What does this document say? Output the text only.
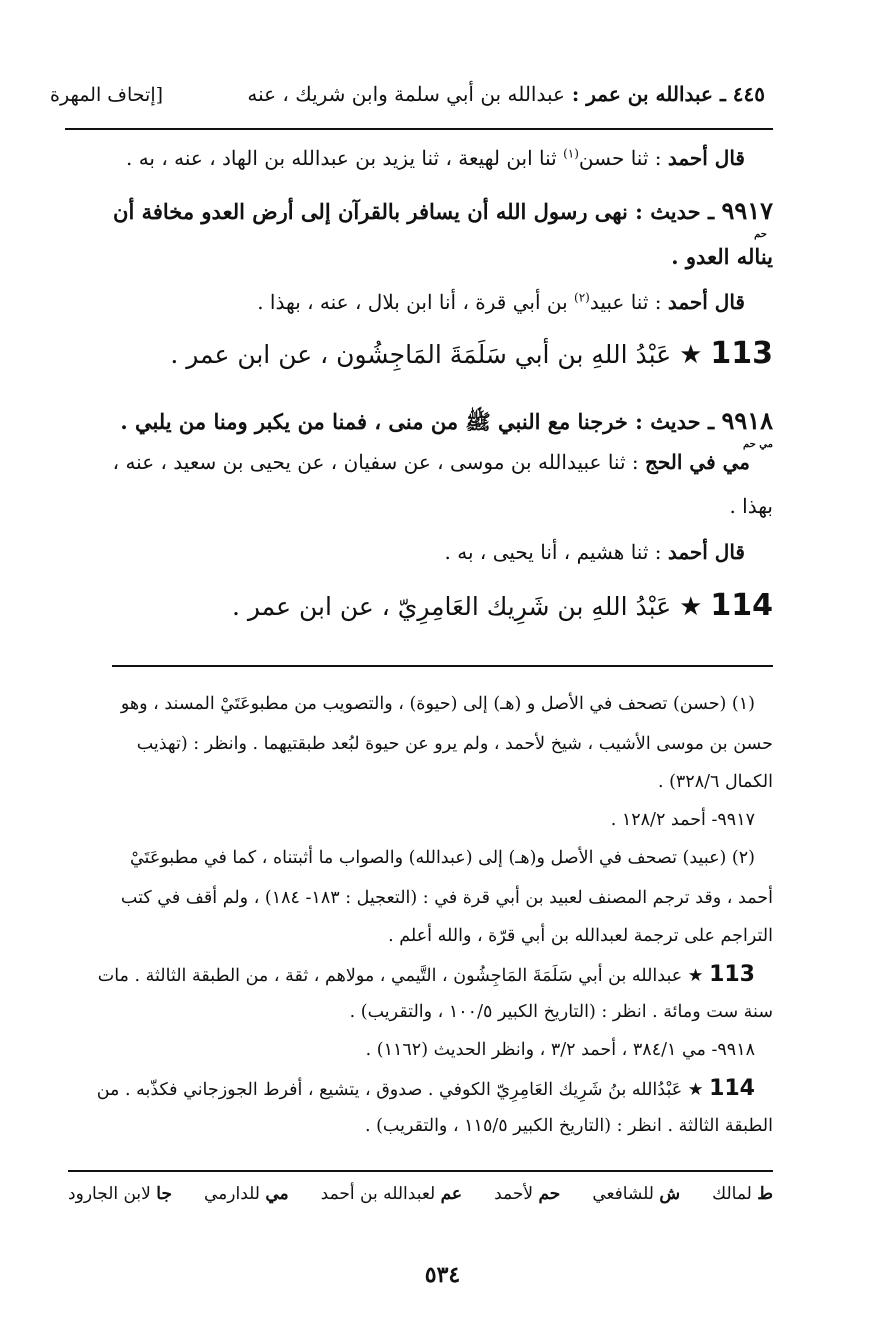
٤٤٥ ـ عبدالله بن عمر : عبدالله بن أبي سلمة وابن شريك ، عنه
[إتحاف المهرة
قال أحمد : ثنا حسن$^{(١)}$ ثنا ابن لهيعة ، ثنا يزيد بن عبدالله بن الهاد ، عنه ، به .
٩٩١٧
حم
ـ حديث : نهى رسول الله أن يسافر بالقرآن إلى أرض العدو مخافة أن
يناله العدو .
قال أحمد : ثنا عبيد$^{(٢)}$ بن أبي قرة ، أنا ابن بلال ، عنه ، بهذا .
113 ★ عَبْدُ اللهِ بن أبي سَلَمَةَ المَاجِشُون ، عن ابن عمر .
٩٩١٨
مي حم
ـ حديث : خرجنا مع النبي ﷺ من منى ، فمنا من يكبر ومنا من يلبي .
مي في الحج : ثنا عبيدالله بن موسى ، عن سفيان ، عن يحيى بن سعيد ، عنه ،
بهذا .
قال أحمد : ثنا هشيم ، أنا يحيى ، به .
114 ★ عَبْدُ اللهِ بن شَرِيك العَامِرِيّ ، عن ابن عمر .
(١) (حسن) تصحف في الأصل و (هـ) إلى (حيوة) ، والتصويب من مطبوعَتَيْ المسند ، وهو
حسن بن موسى الأشيب ، شيخ لأحمد ، ولم يرو عن حيوة لبُعد طبقتيهما . وانظر : (تهذيب
الكمال ٣٢٨/٦) .
٩٩١٧- أحمد ١٢٨/٢ .
(٢) (عبيد) تصحف في الأصل و(هـ) إلى (عبدالله) والصواب ما أثبتناه ، كما في مطبوعَتَيْ
أحمد ، وقد ترجم المصنف لعبيد بن أبي قرة في : (التعجيل : ١٨٣- ١٨٤) ، ولم أقف في كتب
التراجم على ترجمة لعبدالله بن أبي قرّة ، والله أعلم .
113 ★ عبدالله بن أبي سَلَمَةَ المَاجِشُون ، التَّيمي ، مولاهم ، ثقة ، من الطبقة الثالثة . مات
سنة ست ومائة . انظر : (التاريخ الكبير ١٠٠/٥ ، والتقريب) .
٩٩١٨- مي ٣٨٤/١ ، أحمد ٣/٢ ، وانظر الحديث (١١٦٢) .
114 ★ عَبْدُالله بنُ شَرِيك العَامِرِيّ الكوفي . صدوق ، يتشيع ، أفرط الجوزجاني فكذّبه . من
الطبقة الثالثة . انظر : (التاريخ الكبير ١١٥/٥ ، والتقريب) .
ط لمالك
ش للشافعي
حم لأحمد
عم لعبدالله بن أحمد
مي للدارمي
جا لابن الجارود
٥٣٤
